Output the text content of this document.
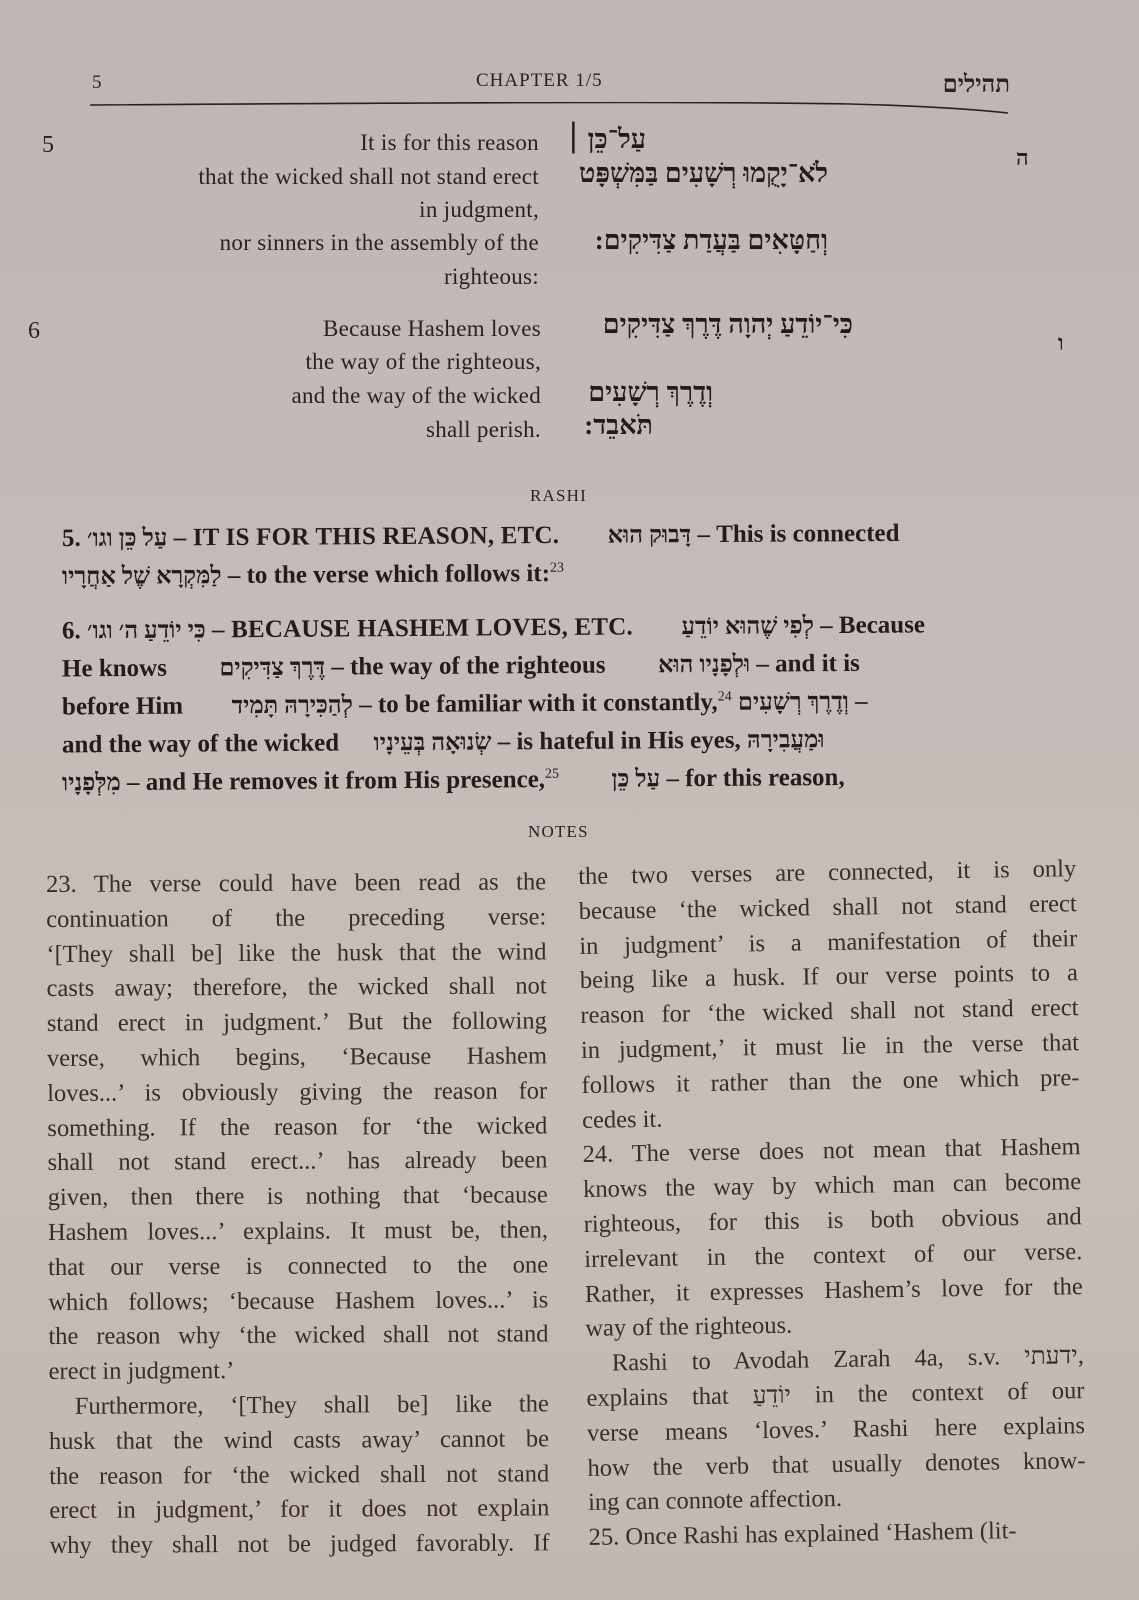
5	CHAPTER 1/5	תהילים
5	ה
It is for this reason
that the wicked shall not stand erect
in judgment,
nor sinners in the assembly of the
righteous:
עַל־כֵּן ׀
לֹא־יָקֻמוּ רְשָׁעִים בַּמִּשְׁפָּט
וְחַטָּאִים בַּעֲדַת צַדִּיקִים:
6	ו
Because Hashem loves
the way of the righteous,
and the way of the wicked
shall perish.
כִּי־יוֹדֵעַ יְהוָה דֶּרֶךְ צַדִּיקִים
וְדֶרֶךְ רְשָׁעִים
תֹּאבֵד:
RASHI
5. עַל כֵּן וגו׳ – IT IS FOR THIS REASON, ETC. דָּבוּק הוּא – This is connected
לַמִּקְרָא שֶׁל אַחֲרָיו – to the verse which follows it:$^{23}$
6. כִּי יוֹדֵעַ ה׳ וגו׳ – BECAUSE HASHEM LOVES, ETC. לְפִי שֶׁהוּא יוֹדֵעַ – Because
He knows דֶּרֶךְ צַדִּיקִים – the way of the righteous וּלְפָנָיו הוּא – and it is
before Him לְהַכִּירָהּ תָּמִיד – to be familiar with it constantly,$^{24}$ וְדֶרֶךְ רְשָׁעִים –
and the way of the wicked שְׂנוּאָה בְּעֵינָיו – is hateful in His eyes, וּמַעֲבִירָהּ
מִלְּפָנָיו – and He removes it from His presence,$^{25}$ עַל כֵּן – for this reason,
NOTES
23. The verse could have been read as the
continuation of the preceding verse:
‘[They shall be] like the husk that the wind
casts away; therefore, the wicked shall not
stand erect in judgment.’ But the following
verse, which begins, ‘Because Hashem
loves...’ is obviously giving the reason for
something. If the reason for ‘the wicked
shall not stand erect...’ has already been
given, then there is nothing that ‘because
Hashem loves...’ explains. It must be, then,
that our verse is connected to the one
which follows; ‘because Hashem loves...’ is
the reason why ‘the wicked shall not stand
erect in judgment.’
Furthermore, ‘[They shall be] like the
husk that the wind casts away’ cannot be
the reason for ‘the wicked shall not stand
erect in judgment,’ for it does not explain
why they shall not be judged favorably. If
the two verses are connected, it is only
because ‘the wicked shall not stand erect
in judgment’ is a manifestation of their
being like a husk. If our verse points to a
reason for ‘the wicked shall not stand erect
in judgment,’ it must lie in the verse that
follows it rather than the one which pre-
cedes it.
24. The verse does not mean that Hashem
knows the way by which man can become
righteous, for this is both obvious and
irrelevant in the context of our verse.
Rather, it expresses Hashem’s love for the
way of the righteous.
Rashi to Avodah Zarah 4a, s.v. ידעתי,
explains that יוֹדֵעַ in the context of our
verse means ‘loves.’ Rashi here explains
how the verb that usually denotes know-
ing can connote affection.
25. Once Rashi has explained ‘Hashem (lit-
